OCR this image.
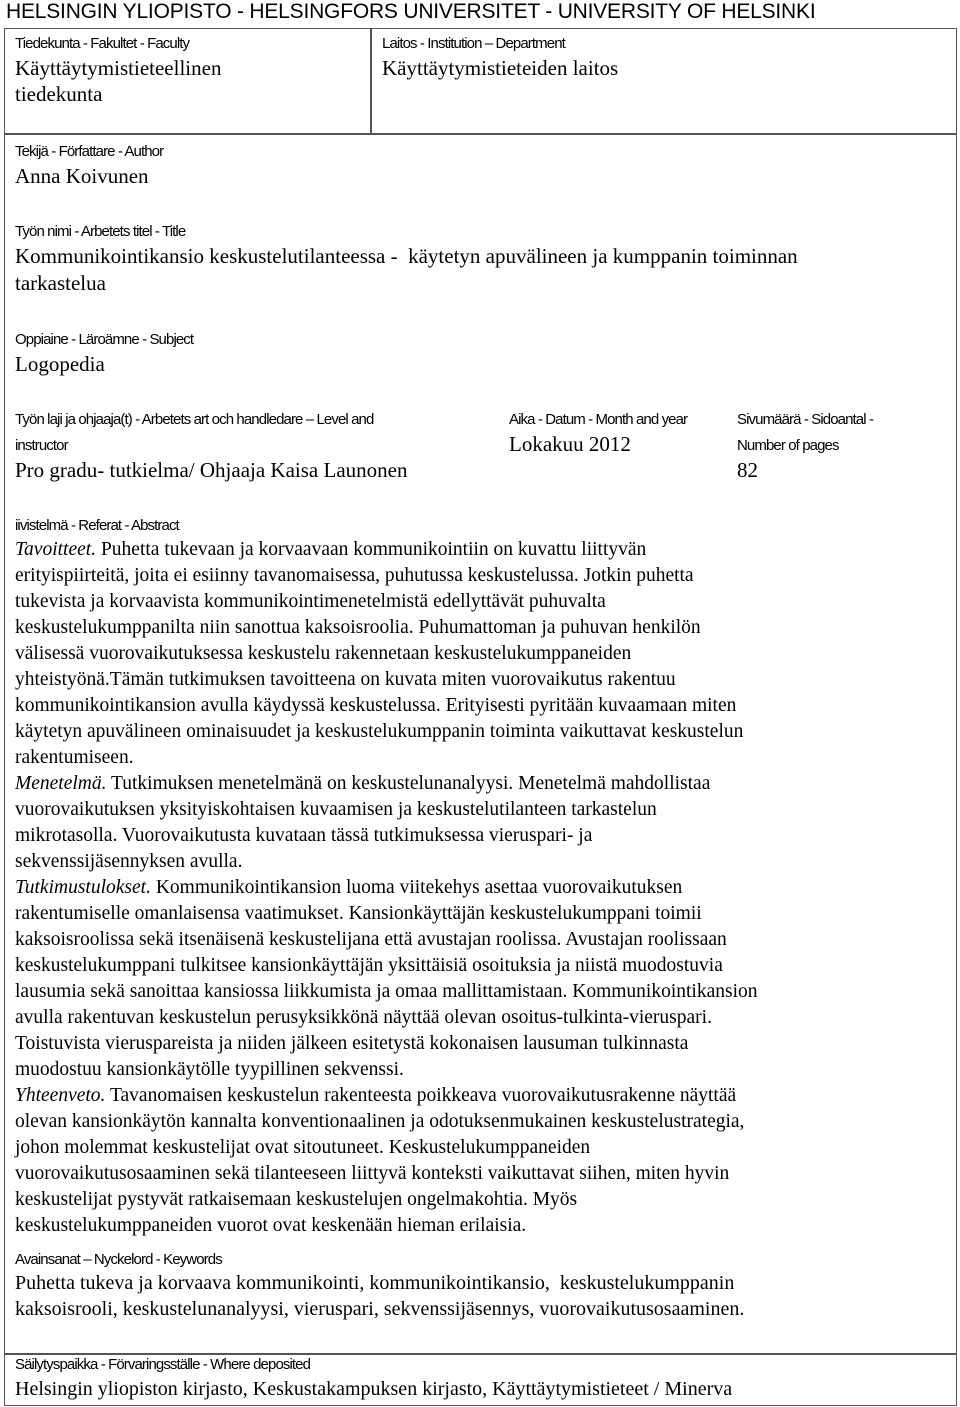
HELSINGIN YLIOPISTO - HELSINGFORS UNIVERSITET - UNIVERSITY OF HELSINKI
Tiedekunta - Fakultet - Faculty
Käyttäytymistieteellinen
tiedekunta
Laitos - Institution – Department
Käyttäytymistieteiden laitos
Tekijä - Författare - Author
Anna Koivunen
Työn nimi - Arbetets titel - Title
Kommunikointikansio keskustelutilanteessa -  käytetyn apuvälineen ja kumppanin toiminnan
tarkastelua
Oppiaine - Läroämne - Subject
Logopedia
Työn laji ja ohjaaja(t) - Arbetets art och handledare – Level and
instructor
Pro gradu- tutkielma/ Ohjaaja Kaisa Launonen
Aika - Datum - Month and year
Lokakuu 2012
Sivumäärä - Sidoantal -
Number of pages
82
iivistelmä - Referat - Abstract
Tavoitteet. Puhetta tukevaan ja korvaavaan kommunikointiin on kuvattu liittyvän
erityispiirteitä, joita ei esiinny tavanomaisessa, puhutussa keskustelussa. Jotkin puhetta
tukevista ja korvaavista kommunikointimenetelmistä edellyttävät puhuvalta
keskustelukumppanilta niin sanottua kaksoisroolia. Puhumattoman ja puhuvan henkilön
välisessä vuorovaikutuksessa keskustelu rakennetaan keskustelukumppaneiden
yhteistyönä.Tämän tutkimuksen tavoitteena on kuvata miten vuorovaikutus rakentuu
kommunikointikansion avulla käydyssä keskustelussa. Erityisesti pyritään kuvaamaan miten
käytetyn apuvälineen ominaisuudet ja keskustelukumppanin toiminta vaikuttavat keskustelun
rakentumiseen.
Menetelmä. Tutkimuksen menetelmänä on keskustelunanalyysi. Menetelmä mahdollistaa
vuorovaikutuksen yksityiskohtaisen kuvaamisen ja keskustelutilanteen tarkastelun
mikrotasolla. Vuorovaikutusta kuvataan tässä tutkimuksessa vieruspari- ja
sekvenssijäsennyksen avulla.
Tutkimustulokset. Kommunikointikansion luoma viitekehys asettaa vuorovaikutuksen
rakentumiselle omanlaisensa vaatimukset. Kansionkäyttäjän keskustelukumppani toimii
kaksoisroolissa sekä itsenäisenä keskustelijana että avustajan roolissa. Avustajan roolissaan
keskustelukumppani tulkitsee kansionkäyttäjän yksittäisiä osoituksia ja niistä muodostuvia
lausumia sekä sanoittaa kansiossa liikkumista ja omaa mallittamistaan. Kommunikointikansion
avulla rakentuvan keskustelun perusyksikkönä näyttää olevan osoitus-tulkinta-vieruspari.
Toistuvista vieruspareista ja niiden jälkeen esitetystä kokonaisen lausuman tulkinnasta
muodostuu kansionkäytölle tyypillinen sekvenssi.
Yhteenveto. Tavanomaisen keskustelun rakenteesta poikkeava vuorovaikutusrakenne näyttää
olevan kansionkäytön kannalta konventionaalinen ja odotuksenmukainen keskustelustrategia,
johon molemmat keskustelijat ovat sitoutuneet. Keskustelukumppaneiden
vuorovaikutusosaaminen sekä tilanteeseen liittyvä konteksti vaikuttavat siihen, miten hyvin
keskustelijat pystyvät ratkaisemaan keskustelujen ongelmakohtia. Myös
keskustelukumppaneiden vuorot ovat keskenään hieman erilaisia.
Avainsanat – Nyckelord - Keywords
Puhetta tukeva ja korvaava kommunikointi, kommunikointikansio,  keskustelukumppanin
kaksoisrooli, keskustelunanalyysi, vieruspari, sekvenssijäsennys, vuorovaikutusosaaminen.
Säilytyspaikka - Förvaringsställe - Where deposited
Helsingin yliopiston kirjasto, Keskustakampuksen kirjasto, Käyttäytymistieteet / Minerva
